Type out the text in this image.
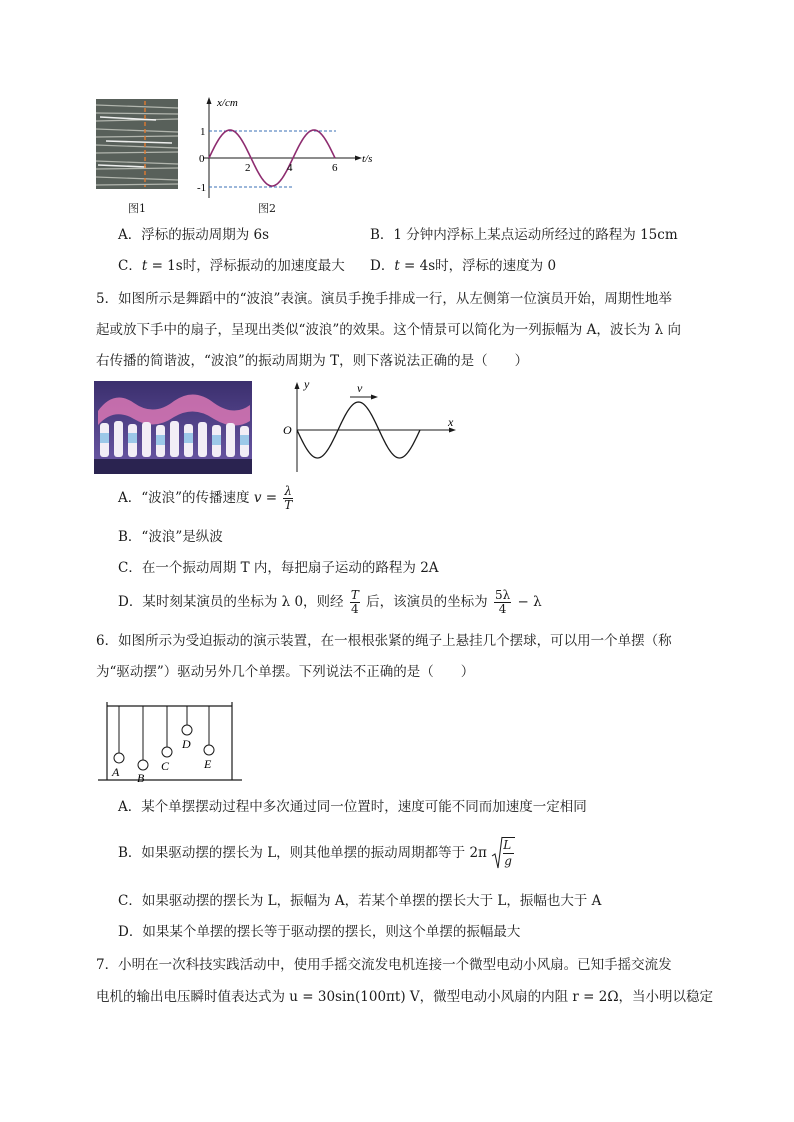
图1
x/cm
t/s
0
1
-1
2	4	6
图2
A．浮标的振动周期为 6s	B．1 分钟内浮标上某点运动所经过的路程为 15cm
C．t = 1s时，浮标振动的加速度最大 D．t = 4s时，浮标的速度为 0
5．如图所示是舞蹈中的“波浪”表演。演员手挽手排成一行，从左侧第一位演员开始，周期性地举
起或放下手中的扇子，呈现出类似“波浪”的效果。这个情景可以简化为一列振幅为 A，波长为 λ 向
右传播的简谐波，“波浪”的振动周期为 T，则下落说法正确的是（　　）
y	v
x
O
A．“波浪”的传播速度 $v = \frac{\lambda}{T}$
B．“波浪”是纵波
C．在一个振动周期 T 内，每把扇子运动的路程为 2A
D．某时刻某演员的坐标为 λ 0，则经 $\frac{T}{4}$ 后，该演员的坐标为 $\frac{5\lambda}{4} - \lambda$
6．如图所示为受迫振动的演示装置，在一根根张紧的绳子上悬挂几个摆球，可以用一个单摆（称
为“驱动摆”）驱动另外几个单摆。下列说法不正确的是（　　）
A B
C
D
E
A．某个单摆摆动过程中多次通过同一位置时，速度可能不同而加速度一定相同
B．如果驱动摆的摆长为 L，则其他单摆的振动周期都等于 $2\pi \frac{L}{g}$
C．如果驱动摆的摆长为 L，振幅为 A，若某个单摆的摆长大于 L，振幅也大于 A
D．如果某个单摆的摆长等于驱动摆的摆长，则这个单摆的振幅最大
7．小明在一次科技实践活动中，使用手摇交流发电机连接一个微型电动小风扇。已知手摇交流发
电机的输出电压瞬时值表达式为 u = 30sin(100πt) V，微型电动小风扇的内阻 r = 2Ω，当小明以稳定
